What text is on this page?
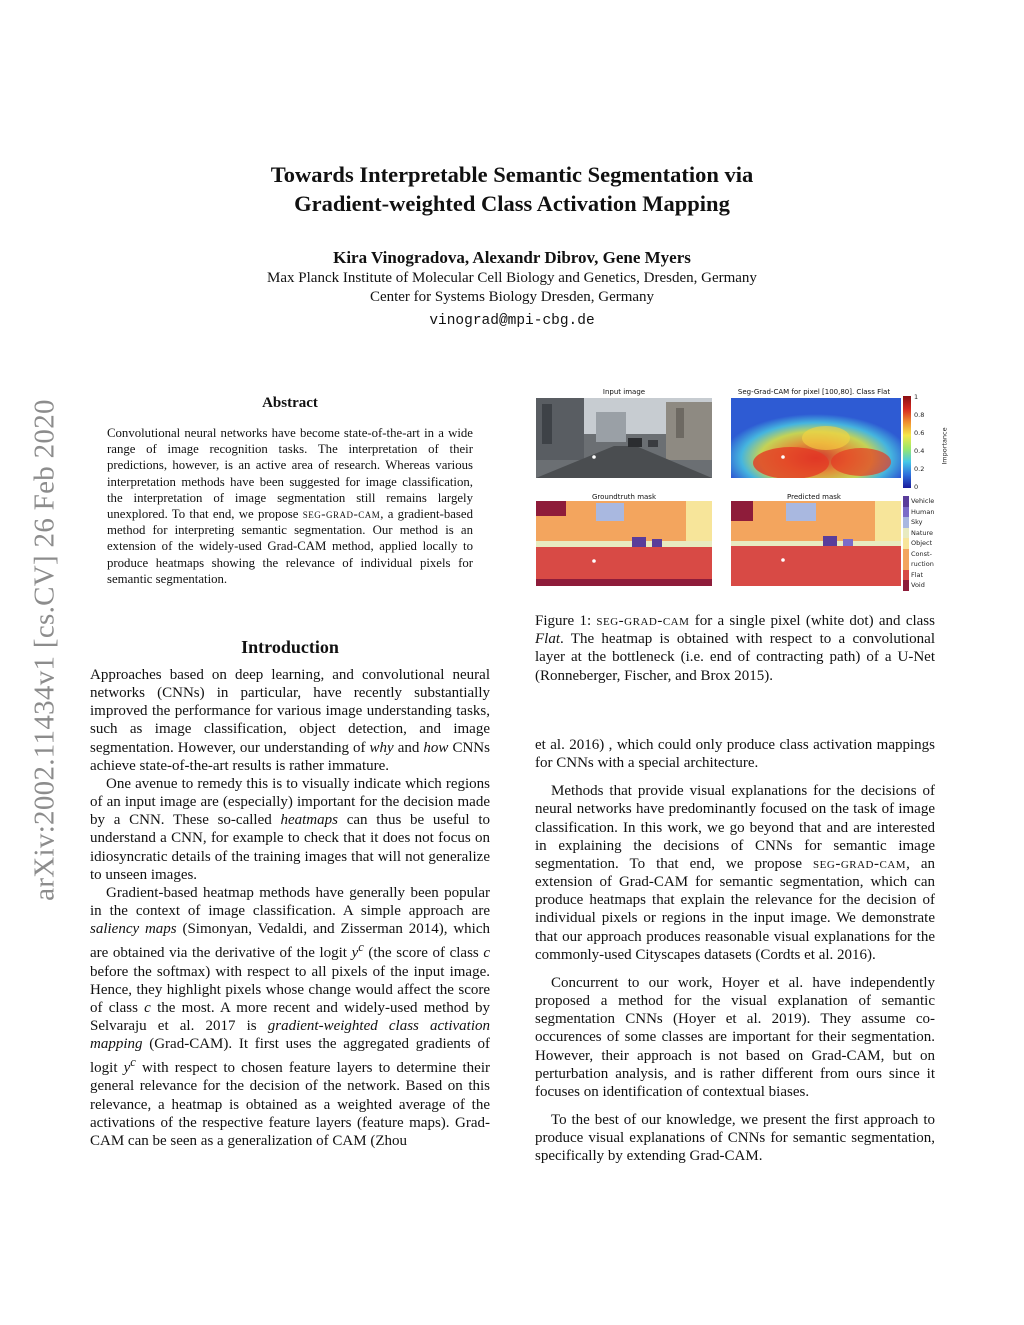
arXiv:2002.11434v1 [cs.CV] 26 Feb 2020
Towards Interpretable Semantic Segmentation via
Gradient-weighted Class Activation Mapping
Kira Vinogradova, Alexandr Dibrov, Gene Myers
Max Planck Institute of Molecular Cell Biology and Genetics, Dresden, Germany
Center for Systems Biology Dresden, Germany
vinograd@mpi-cbg.de
Abstract
Convolutional neural networks have become state-of-the-art in a wide range of image recognition tasks. The interpretation of their predictions, however, is an active area of research. Whereas various interpretation methods have been suggested for image classification, the interpretation of image segmentation still remains largely unexplored. To that end, we propose seg-grad-cam, a gradient-based method for interpreting semantic segmentation. Our method is an extension of the widely-used Grad-CAM method, applied locally to produce heatmaps showing the relevance of individual pixels for semantic segmentation.
Introduction

Approaches based on deep learning, and convolutional neural networks (CNNs) in particular, have recently substantially improved the performance for various image understanding tasks, such as image classification, object detection, and image segmentation. However, our understanding of why and how CNNs achieve state-of-the-art results is rather immature.

One avenue to remedy this is to visually indicate which regions of an input image are (especially) important for the decision made by a CNN. These so-called heatmaps can thus be useful to understand a CNN, for example to check that it does not focus on idiosyncratic details of the training images that will not generalize to unseen images.

Gradient-based heatmap methods have generally been popular in the context of image classification. A simple approach are saliency maps (Simonyan, Vedaldi, and Zisserman 2014), which are obtained via the derivative of the logit $y^c$ (the score of class c before the softmax) with respect to all pixels of the input image. Hence, they highlight pixels whose change would affect the score of class c the most. A more recent and widely-used method by Selvaraju et al. 2017 is gradient-weighted class activation mapping (Grad-CAM). It first uses the aggregated gradients of logit $y^c$ with respect to chosen feature layers to determine their general relevance for the decision of the network. Based on this relevance, a heatmap is obtained as a weighted average of the activations of the respective feature layers (feature maps). Grad-CAM can be seen as a generalization of CAM (Zhou

Input image	Seg-Grad-CAM for pixel [100,80]. Class Flat
Groundtruth mask	Predicted mask
1
0.8
0.6
0.4
0.2
0
Importance
Vehicle
Human
Sky
Nature
Object
Const-
ruction
Flat
Void
Figure 1: seg-grad-cam for a single pixel (white dot) and class Flat. The heatmap is obtained with respect to a convolutional layer at the bottleneck (i.e. end of contracting path) of a U-Net (Ronneberger, Fischer, and Brox 2015).

et al. 2016) , which could only produce class activation mappings for CNNs with a special architecture.

Methods that provide visual explanations for the decisions of neural networks have predominantly focused on the task of image classification. In this work, we go beyond that and are interested in explaining the decisions of CNNs for semantic image segmentation. To that end, we propose seg-grad-cam, an extension of Grad-CAM for semantic segmentation, which can produce heatmaps that explain the relevance for the decision of individual pixels or regions in the input image. We demonstrate that our approach produces reasonable visual explanations for the commonly-used Cityscapes datasets (Cordts et al. 2016).

Concurrent to our work, Hoyer et al. have independently proposed a method for the visual explanation of semantic segmentation CNNs (Hoyer et al. 2019). They assume co-occurences of some classes are important for their segmentation. However, their approach is not based on Grad-CAM, but on perturbation analysis, and is rather different from ours since it focuses on identification of contextual biases.

To the best of our knowledge, we present the first approach to produce visual explanations of CNNs for semantic segmentation, specifically by extending Grad-CAM.
